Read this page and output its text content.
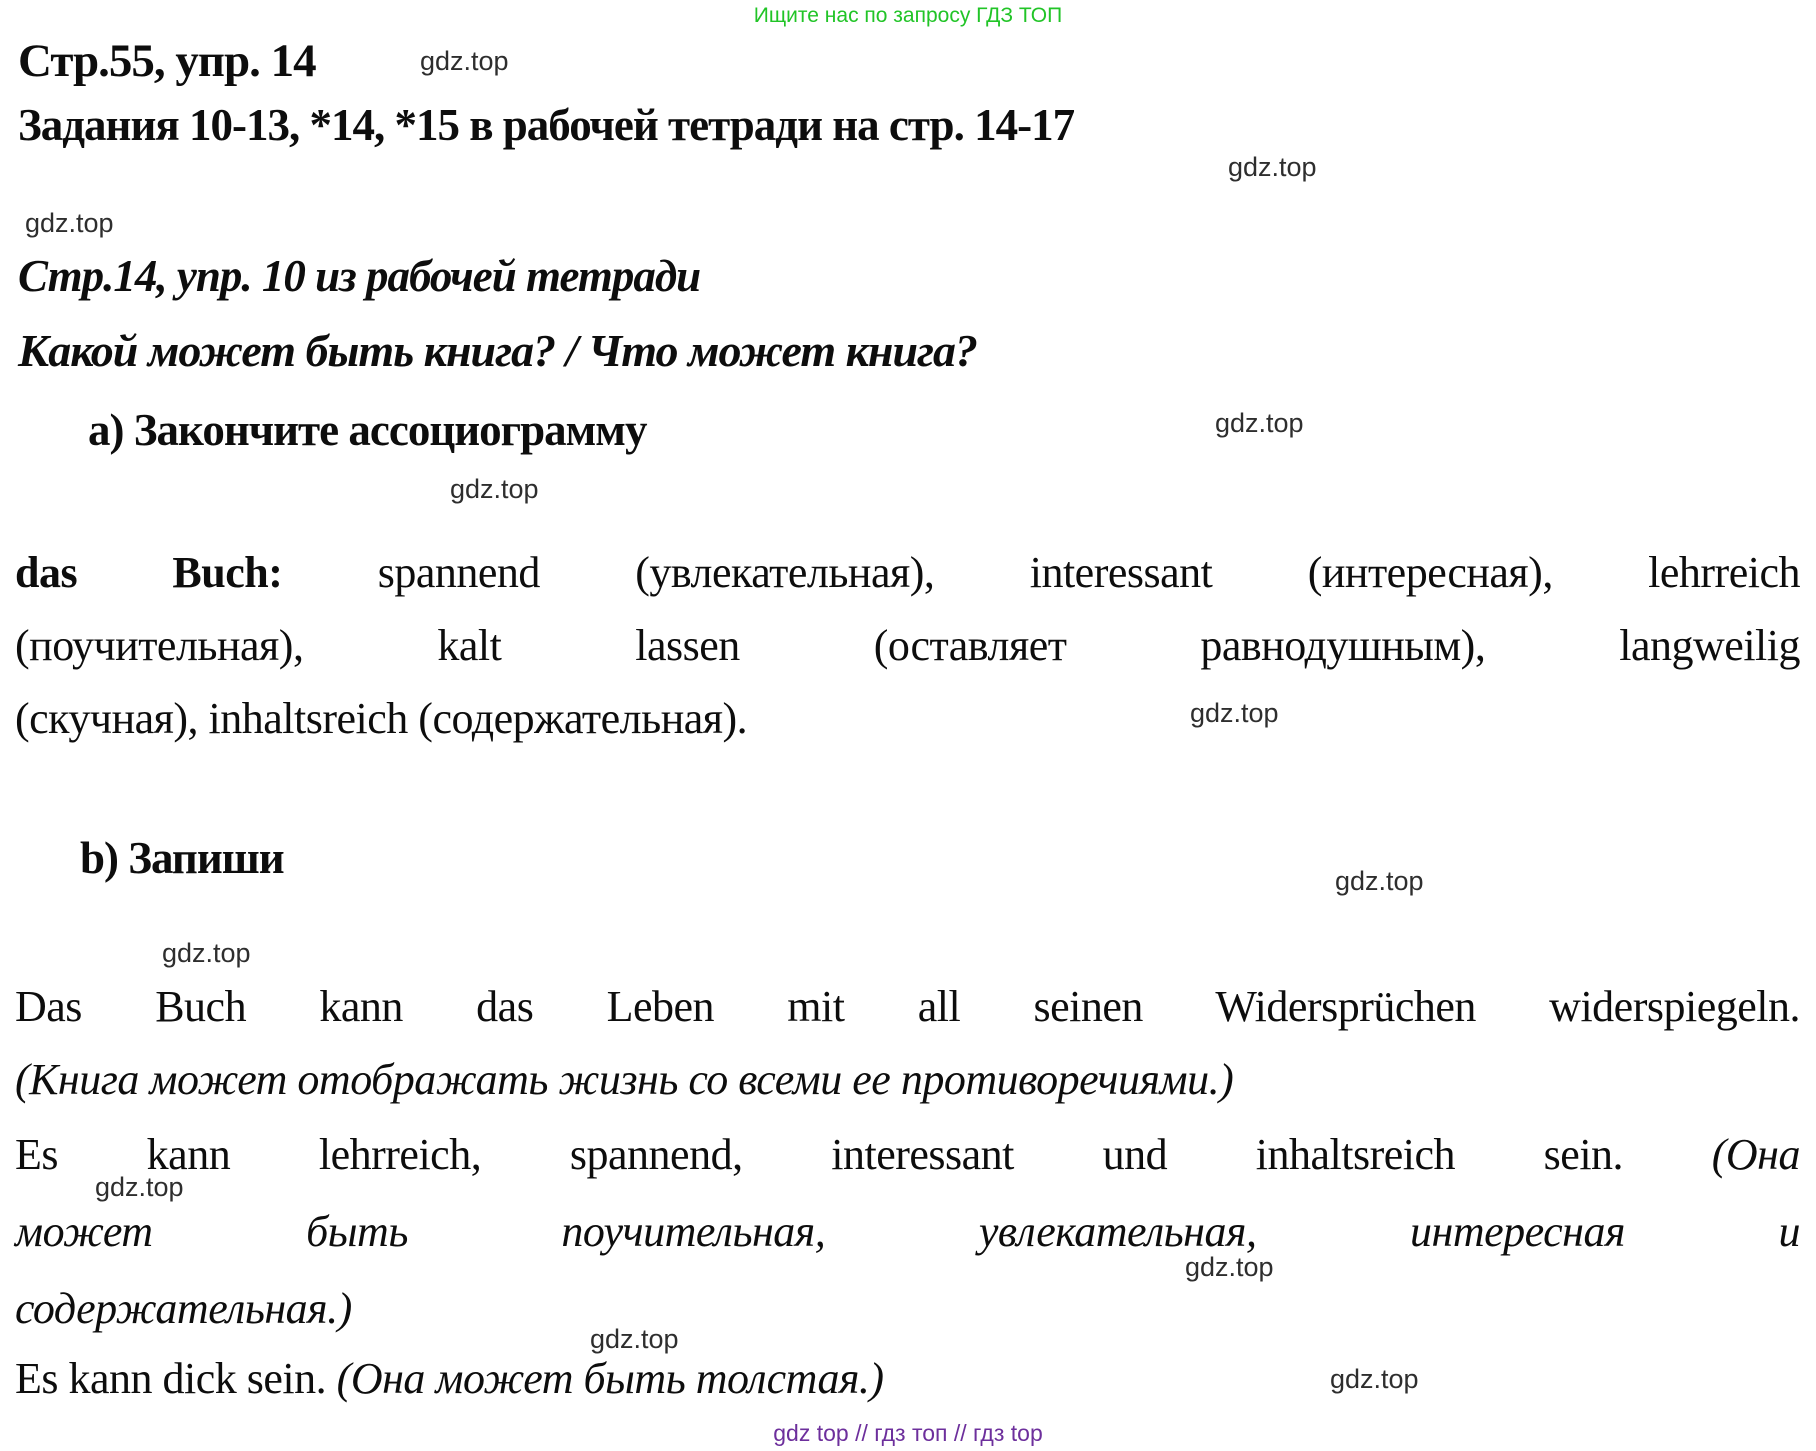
Ищите нас по запросу ГДЗ ТОП
Стр.55, упр. 14	gdz.top
Задания 10-13, *14, *15 в рабочей тетради на стр. 14-17
gdz.top
gdz.top
Стр.14, упр. 10 из рабочей тетради
Какой может быть книга? / Что может книга?
а) Закончите ассоциограмму	gdz.top
gdz.top
das Buch: spannend (увлекательная), interessant (интересная), lehrreich
(поучительная), kalt lassen (оставляет равнодушным), langweilig
(скучная), inhaltsreich (содержательная).	gdz.top
b) Запиши	gdz.top
gdz.top
Das Buch kann das Leben mit all seinen Widersprüchen widerspiegeln.
(Книга может отображать жизнь со всеми ее противоречиями.)
Es kann lehrreich, spannend, interessant und inhaltsreich sein. (Она
gdz.top
может быть поучительная, увлекательная, интересная и
gdz.top
содержательная.)
gdz.top
Es kann dick sein. (Она может быть толстая.)	gdz.top
gdz top // гдз топ // гдз top
